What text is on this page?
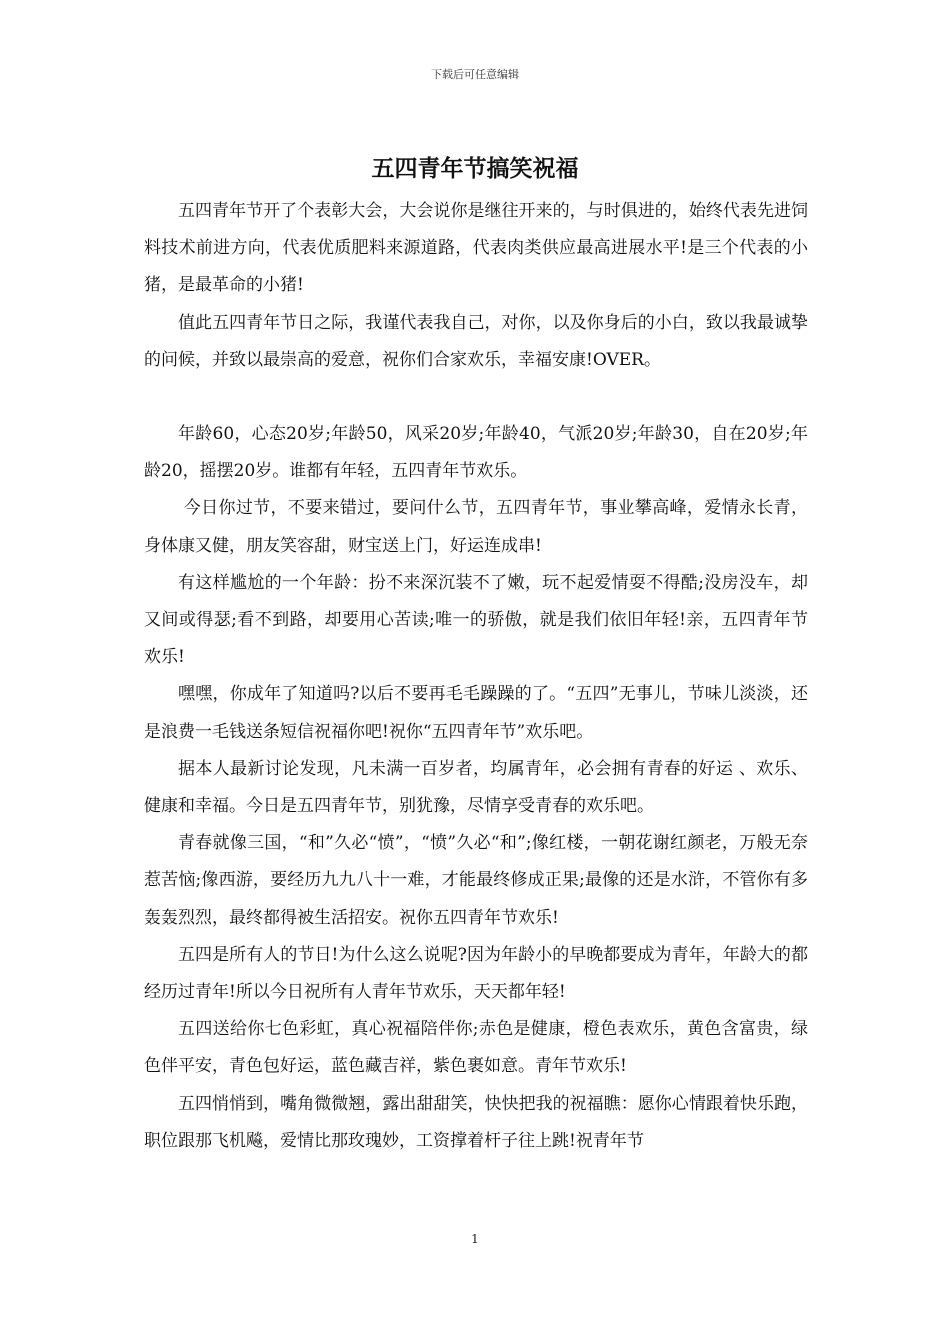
下载后可任意编辑
五四青年节搞笑祝福

五四青年节开了个表彰大会，大会说你是继往开来的，与时俱进的，始终代表先进饲料技术前进方向，代表优质肥料来源道路，代表肉类供应最高进展水平!是三个代表的小猪，是最革命的小猪!

值此五四青年节日之际，我谨代表我自己，对你，以及你身后的小白，致以我最诚挚的问候，并致以最崇高的爱意，祝你们合家欢乐，幸福安康!OVER。

年龄60，心态20岁;年龄50，风采20岁;年龄40，气派20岁;年龄30，自在20岁;年龄20，摇摆20岁。谁都有年轻，五四青年节欢乐。

今日你过节，不要来错过，要问什么节，五四青年节，事业攀高峰，爱情永长青，身体康又健，朋友笑容甜，财宝送上门，好运连成串!

有这样尴尬的一个年龄：扮不来深沉装不了嫩，玩不起爱情耍不得酷;没房没车，却又间或得瑟;看不到路，却要用心苦读;唯一的骄傲，就是我们依旧年轻!亲，五四青年节欢乐!

嘿嘿，你成年了知道吗?以后不要再毛毛躁躁的了。“五四”无事儿，节味儿淡淡，还是浪费一毛钱送条短信祝福你吧!祝你“五四青年节”欢乐吧。

据本人最新讨论发现，凡未满一百岁者，均属青年，必会拥有青春的好运 、欢乐、健康和幸福。今日是五四青年节，别犹豫，尽情享受青春的欢乐吧。

青春就像三国，“和”久必“愤”，“愤”久必“和”;像红楼，一朝花谢红颜老，万般无奈惹苦恼;像西游，要经历九九八十一难，才能最终修成正果;最像的还是水浒，不管你有多轰轰烈烈，最终都得被生活招安。祝你五四青年节欢乐!

五四是所有人的节日!为什么这么说呢?因为年龄小的早晚都要成为青年，年龄大的都经历过青年!所以今日祝所有人青年节欢乐，天天都年轻!

五四送给你七色彩虹，真心祝福陪伴你;赤色是健康，橙色表欢乐，黄色含富贵，绿色伴平安，青色包好运，蓝色藏吉祥，紫色裹如意。青年节欢乐!

五四悄悄到，嘴角微微翘，露出甜甜笑，快快把我的祝福瞧：愿你心情跟着快乐跑，职位跟那飞机飚，爱情比那玫瑰妙，工资撑着杆子往上跳!祝青年节

1
